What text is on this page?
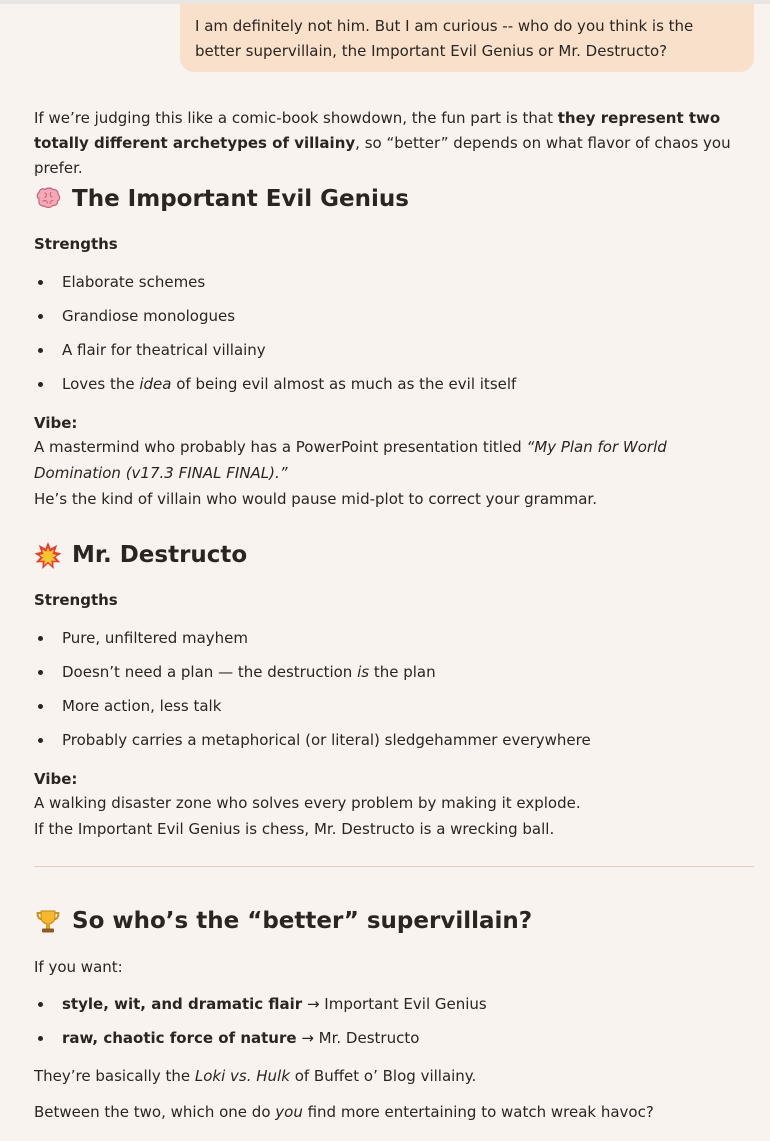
I am definitely not him. But I am curious -- who do you think is the better supervillain, the Important Evil Genius or Mr. Destructo?

If we’re judging this like a comic-book showdown, the fun part is that they represent two totally different archetypes of villainy, so “better” depends on what flavor of chaos you prefer.

The Important Evil Genius
Strengths
Elaborate schemes
Grandiose monologues
A flair for theatrical villainy
Loves the idea of being evil almost as much as the evil itself
Vibe:

A mastermind who probably has a PowerPoint presentation titled “My Plan for World Domination (v17.3 FINAL FINAL).”

He’s the kind of villain who would pause mid-plot to correct your grammar.

Mr. Destructo
Strengths
Pure, unfiltered mayhem
Doesn’t need a plan — the destruction is the plan
More action, less talk
Probably carries a metaphorical (or literal) sledgehammer everywhere
Vibe:

A walking disaster zone who solves every problem by making it explode.

If the Important Evil Genius is chess, Mr. Destructo is a wrecking ball.

So who’s the “better” supervillain?

If you want:

style, wit, and dramatic flair → Important Evil Genius
raw, chaotic force of nature → Mr. Destructo

They’re basically the Loki vs. Hulk of Buffet o’ Blog villainy.

Between the two, which one do you find more entertaining to watch wreak havoc?
